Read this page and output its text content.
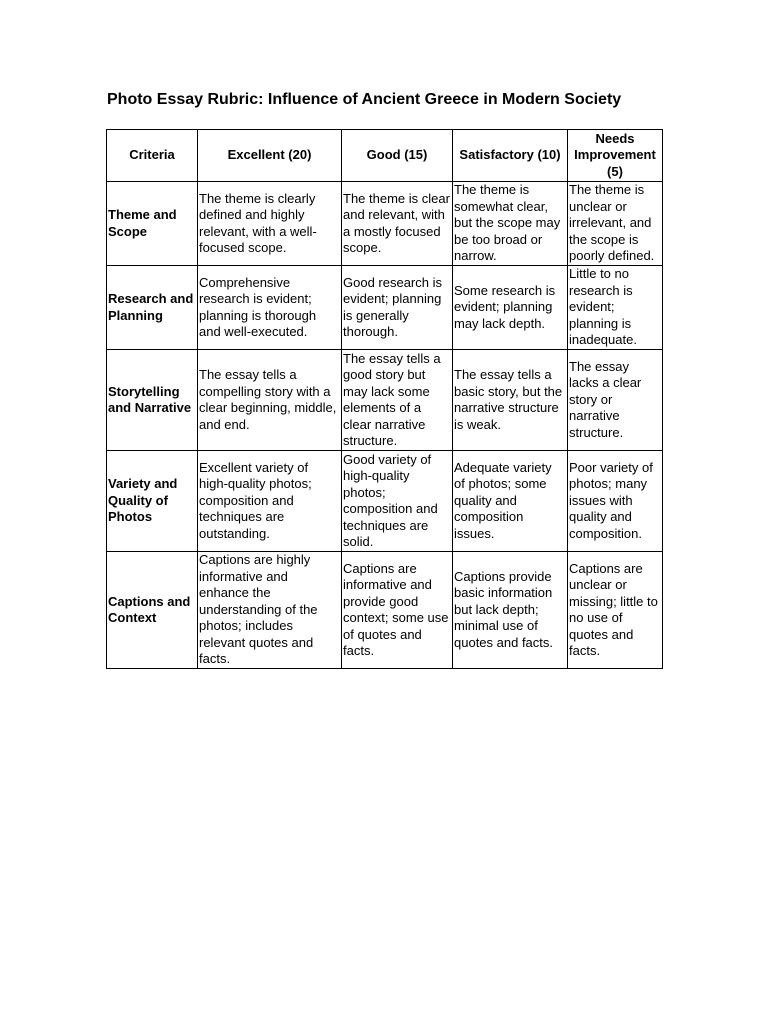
Photo Essay Rubric: Influence of Ancient Greece in Modern Society
Criteria	Excellent (20)	Good (15)	Satisfactory (10)	Needs Improvement (5)
Theme and Scope	The theme is clearly defined and highly relevant, with a well-focused scope.	The theme is clear and relevant, with a mostly focused scope.	The theme is somewhat clear, but the scope may be too broad or narrow.	The theme is unclear or irrelevant, and the scope is poorly defined.
Research and Planning	Comprehensive research is evident; planning is thorough and well-executed.	Good research is evident; planning is generally thorough.	Some research is evident; planning may lack depth.	Little to no research is evident; planning is inadequate.
Storytelling and Narrative	The essay tells a compelling story with a clear beginning, middle, and end.	The essay tells a good story but may lack some elements of a clear narrative structure.	The essay tells a basic story, but the narrative structure is weak.	The essay lacks a clear story or narrative structure.
Variety and Quality of Photos	Excellent variety of high-quality photos; composition and techniques are outstanding.	Good variety of high-quality photos; composition and techniques are solid.	Adequate variety of photos; some quality and composition issues.	Poor variety of photos; many issues with quality and composition.
Captions and Context	Captions are highly informative and enhance the understanding of the photos; includes relevant quotes and facts.	Captions are informative and provide good context; some use of quotes and facts.	Captions provide basic information but lack depth; minimal use of quotes and facts.	Captions are unclear or missing; little to no use of quotes and facts.
